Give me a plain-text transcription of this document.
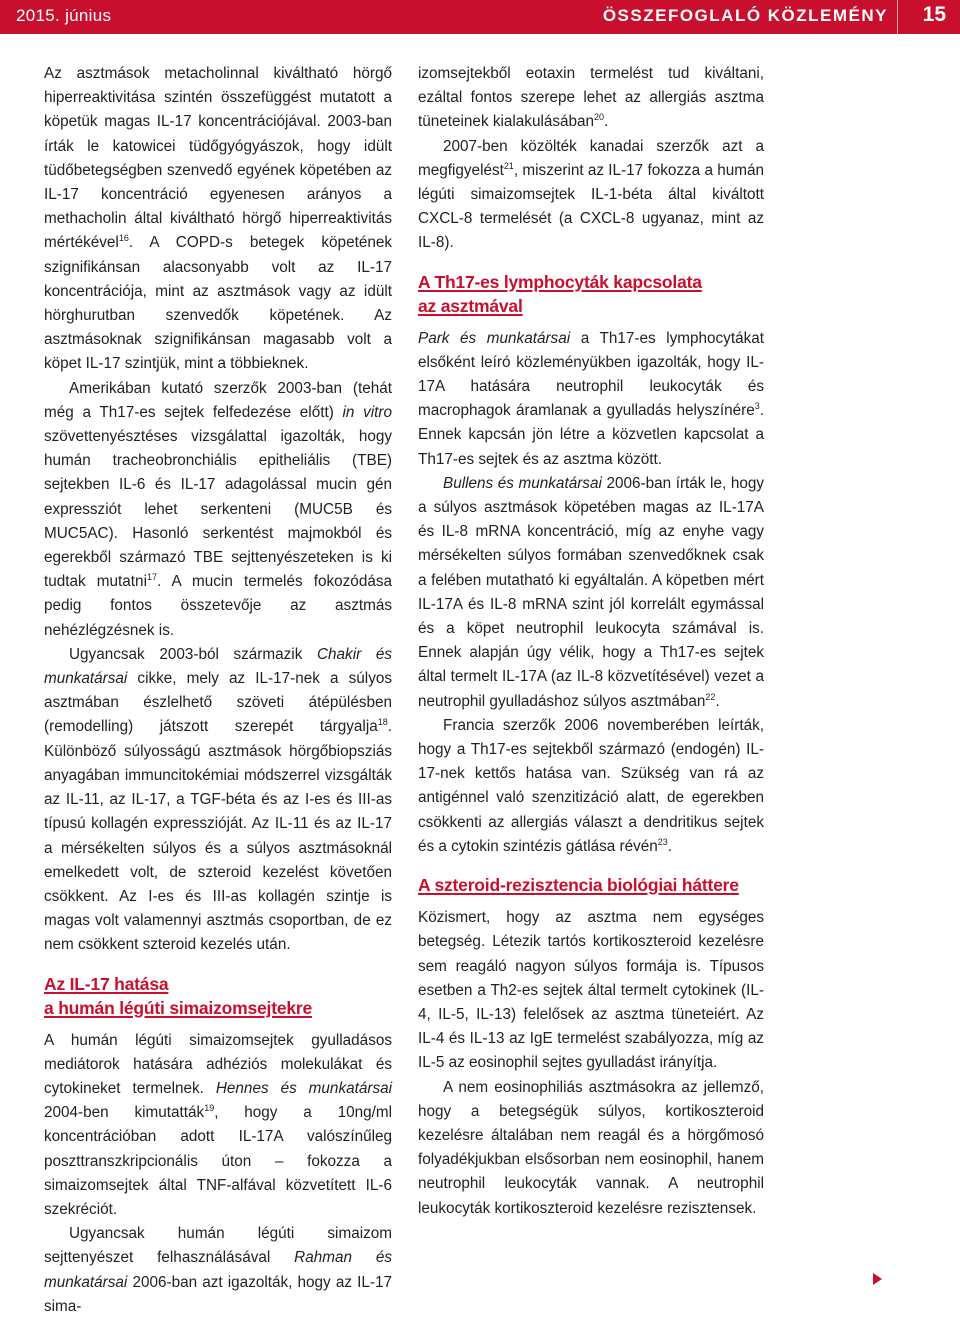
2015. június	ÖSSZEFOGLALÓ KÖZLEMÉNY 15

Az asztmások metacholinnal kiváltható hörgő hiperreaktivitása szintén összefüggést mutatott a köpetük magas IL-17 koncentrációjával. 2003-ban írták le katowicei tüdőgyógyászok, hogy idült tüdőbetegségben szenvedő egyének köpetében az IL-17 koncentráció egyenesen arányos a methacholin által kiváltható hörgő hiperreaktivitás mértékével$^{16}$. A COPD-s betegek köpetének szignifikánsan alacsonyabb volt az IL-17 koncentrációja, mint az asztmások vagy az idült hörghurutban szenvedők köpetének. Az asztmásoknak szignifikánsan magasabb volt a köpet IL-17 szintjük, mint a többieknek.

Amerikában kutató szerzők 2003-ban (tehát még a Th17-es sejtek felfedezése előtt) in vitro szövettenyésztéses vizsgálattal igazolták, hogy humán tracheobronchiális epitheliális (TBE) sejtekben IL-6 és IL-17 adagolással mucin gén expressziót lehet serkenteni (MUC5B és MUC5AC). Hasonló serkentést majmokból és egerekből származó TBE sejttenyészeteken is ki tudtak mutatni$^{17}$. A mucin termelés fokozódása pedig fontos összetevője az asztmás nehézlégzésnek is.

Ugyancsak 2003-ból származik Chakir és munkatársai cikke, mely az IL-17-nek a súlyos asztmában észlelhető szöveti átépülésben (remodelling) játszott szerepét tárgyalja$^{18}$. Különböző súlyosságú asztmások hörgőbiopsziás anyagában immuncitokémiai módszerrel vizsgálták az IL-11, az IL-17, a TGF-béta és az I-es és III-as típusú kollagén expresszióját. Az IL-11 és az IL-17 a mérsékelten súlyos és a súlyos asztmásoknál emelkedett volt, de szteroid kezelést követően csökkent. Az I-es és III-as kollagén szintje is magas volt valamennyi asztmás csoportban, de ez nem csökkent szteroid kezelés után.

Az IL-17 hatása
a humán légúti simaizomsejtekre

A humán légúti simaizomsejtek gyulladásos mediátorok hatására adhéziós molekulákat és cytokineket termelnek. Hennes és munkatársai 2004-ben kimutatták$^{19}$, hogy a 10ng/ml koncentrációban adott IL-17A valószínűleg poszttranszkripcionális úton – fokozza a simaizomsejtek által TNF-alfával közvetített IL-6 szekréciót.

Ugyancsak humán légúti simaizom sejttenyészet felhasználásával Rahman és munkatársai 2006-ban azt igazolták, hogy az IL-17 sima-

izomsejtekből eotaxin termelést tud kiváltani, ezáltal fontos szerepe lehet az allergiás asztma tüneteinek kialakulásában$^{20}$.

2007-ben közölték kanadai szerzők azt a megfigyelést$^{21}$, miszerint az IL-17 fokozza a humán légúti simaizomsejtek IL-1-béta által kiváltott CXCL-8 termelését (a CXCL-8 ugyanaz, mint az IL-8).

A Th17-es lymphocyták kapcsolata
az asztmával

Park és munkatársai a Th17-es lymphocytákat elsőként leíró közleményükben igazolták, hogy IL-17A hatására neutrophil leukocyták és macrophagok áramlanak a gyulladás helyszínére$^3$. Ennek kapcsán jön létre a közvetlen kapcsolat a Th17-es sejtek és az asztma között.

Bullens és munkatársai 2006-ban írták le, hogy a súlyos asztmások köpetében magas az IL-17A és IL-8 mRNA koncentráció, míg az enyhe vagy mérsékelten súlyos formában szenvedőknek csak a felében mutatható ki egyáltalán. A köpetben mért IL-17A és IL-8 mRNA szint jól korrelált egymással és a köpet neutrophil leukocyta számával is. Ennek alapján úgy vélik, hogy a Th17-es sejtek által termelt IL-17A (az IL-8 közvetítésével) vezet a neutrophil gyulladáshoz súlyos asztmában$^{22}$.

Francia szerzők 2006 novemberében leírták, hogy a Th17-es sejtekből származó (endogén) IL-17-nek kettős hatása van. Szükség van rá az antigénnel való szenzitizáció alatt, de egerekben csökkenti az allergiás választ a dendritikus sejtek és a cytokin szintézis gátlása révén$^{23}$.

A szteroid-rezisztencia biológiai háttere

Közismert, hogy az asztma nem egységes betegség. Létezik tartós kortikoszteroid kezelésre sem reagáló nagyon súlyos formája is. Típusos esetben a Th2-es sejtek által termelt cytokinek (IL-4, IL-5, IL-13) felelősek az asztma tüneteiért. Az IL-4 és IL-13 az IgE termelést szabályozza, míg az IL-5 az eosinophil sejtes gyulladást irányítja.

A nem eosinophiliás asztmásokra az jellemző, hogy a betegségük súlyos, kortikoszteroid kezelésre általában nem reagál és a hörgőmosó folyadékjukban elsősorban nem eosinophil, hanem neutrophil leukocyták vannak. A neutrophil leukocyták kortikoszteroid kezelésre rezisztensek.
